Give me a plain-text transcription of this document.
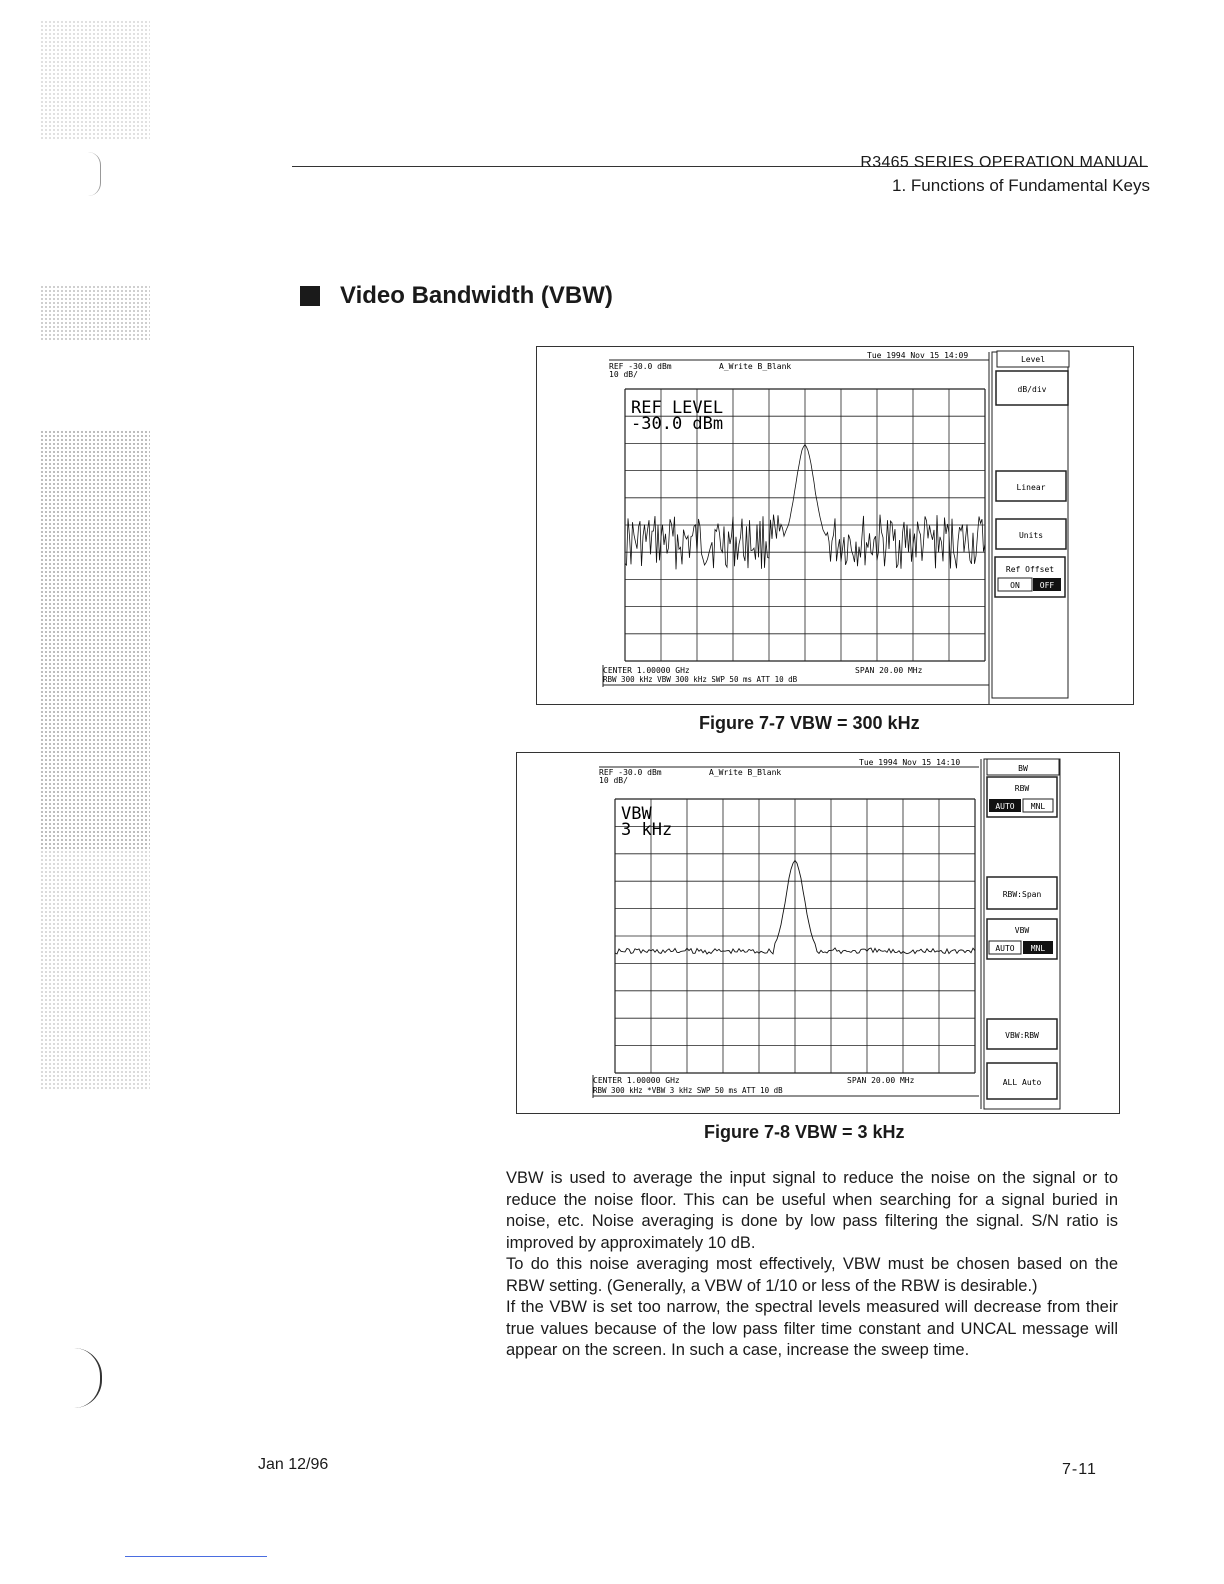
R3465 SERIES OPERATION MANUAL
1. Functions of Fundamental Keys
Video Bandwidth (VBW)
REF -30.0 dBm	A_Write B_Blank
10 dB/
Tue 1994 Nov 15 14:09
REF LEVEL
-30.0 dBm
CENTER 1.00000 GHz	SPAN 20.00 MHz
RBW 300 kHz VBW 300 kHz SWP 50 ms ATT 10 dB
Level
dB/div
Linear
Units
Ref Offset
ON OFF
Figure 7-7 VBW = 300 kHz
REF -30.0 dBm	A_Write B_Blank
10 dB/
Tue 1994 Nov 15 14:10
VBW
3 kHz
CENTER 1.00000 GHz	SPAN 20.00 MHz
RBW 300 kHz *VBW 3 kHz SWP 50 ms ATT 10 dB
BW
RBW
AUTO MNL
RBW:Span
VBW
AUTO MNL
VBW:RBW
ALL Auto
Figure 7-8 VBW = 3 kHz

VBW is used to average the input signal to reduce the noise on the signal or to reduce the noise floor. This can be useful when searching for a signal buried in noise, etc. Noise averaging is done by low pass filtering the signal. S/N ratio is improved by approximately 10 dB.

To do this noise averaging most effectively, VBW must be chosen based on the RBW setting. (Generally, a VBW of 1/10 or less of the RBW is desirable.)

If the VBW is set too narrow, the spectral levels measured will decrease from their true values because of the low pass filter time constant and UNCAL message will appear on the screen. In such a case, increase the sweep time.

Jan 12/96	7-11
